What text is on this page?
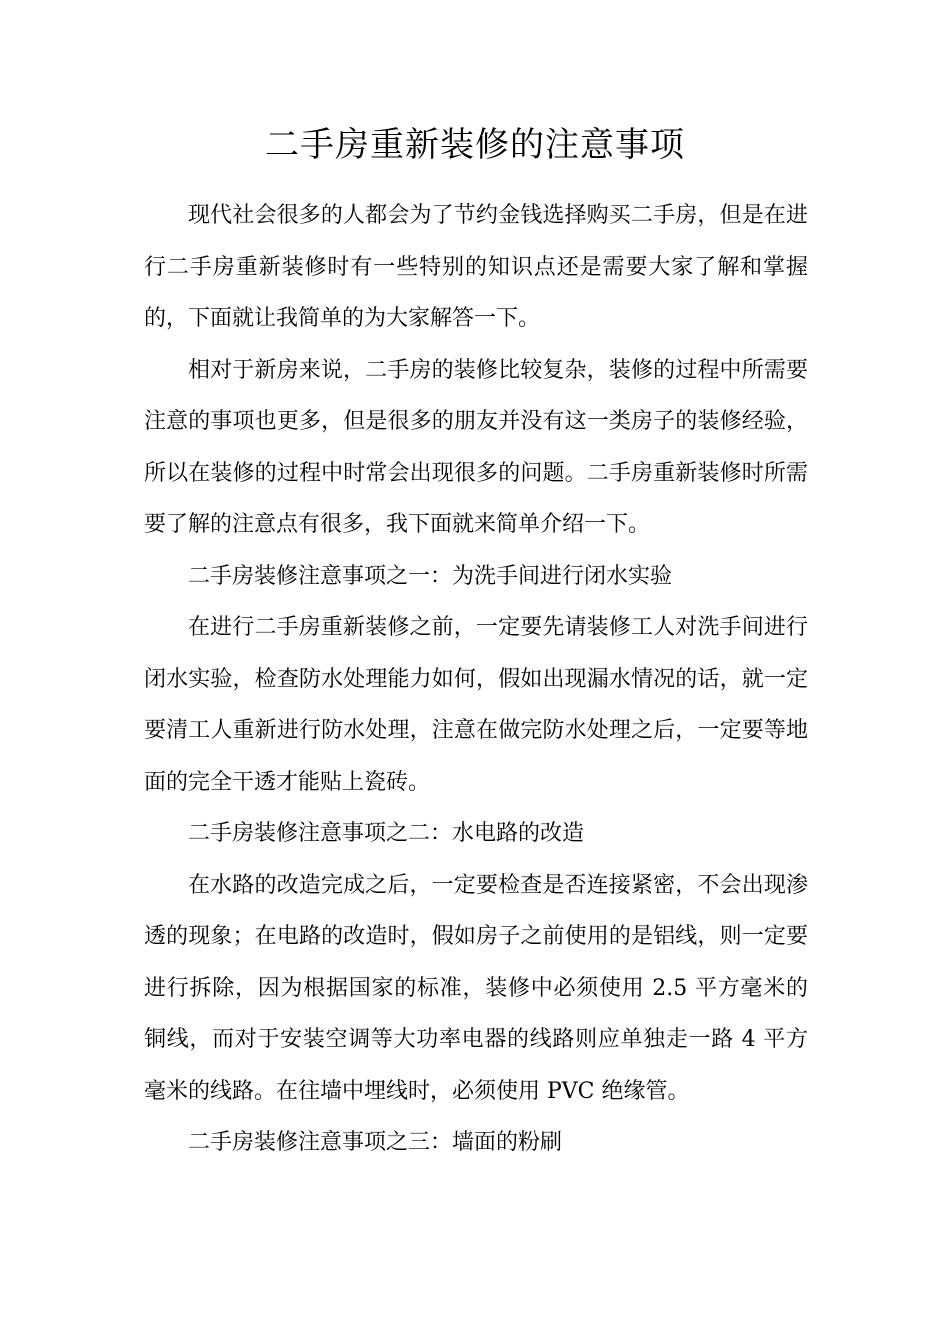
二手房重新装修的注意事项

现代社会很多的人都会为了节约金钱选择购买二手房，但是在进行二手房重新装修时有一些特别的知识点还是需要大家了解和掌握的，下面就让我简单的为大家解答一下。

相对于新房来说，二手房的装修比较复杂，装修的过程中所需要注意的事项也更多，但是很多的朋友并没有这一类房子的装修经验，所以在装修的过程中时常会出现很多的问题。二手房重新装修时所需要了解的注意点有很多，我下面就来简单介绍一下。

二手房装修注意事项之一：为洗手间进行闭水实验

在进行二手房重新装修之前，一定要先请装修工人对洗手间进行闭水实验，检查防水处理能力如何，假如出现漏水情况的话，就一定要清工人重新进行防水处理，注意在做完防水处理之后，一定要等地面的完全干透才能贴上瓷砖。

二手房装修注意事项之二：水电路的改造

在水路的改造完成之后，一定要检查是否连接紧密，不会出现渗透的现象；在电路的改造时，假如房子之前使用的是铝线，则一定要进行拆除，因为根据国家的标准，装修中必须使用 2.5 平方毫米的铜线，而对于安装空调等大功率电器的线路则应单独走一路 4 平方毫米的线路。在往墙中埋线时，必须使用 PVC 绝缘管。

二手房装修注意事项之三：墙面的粉刷
